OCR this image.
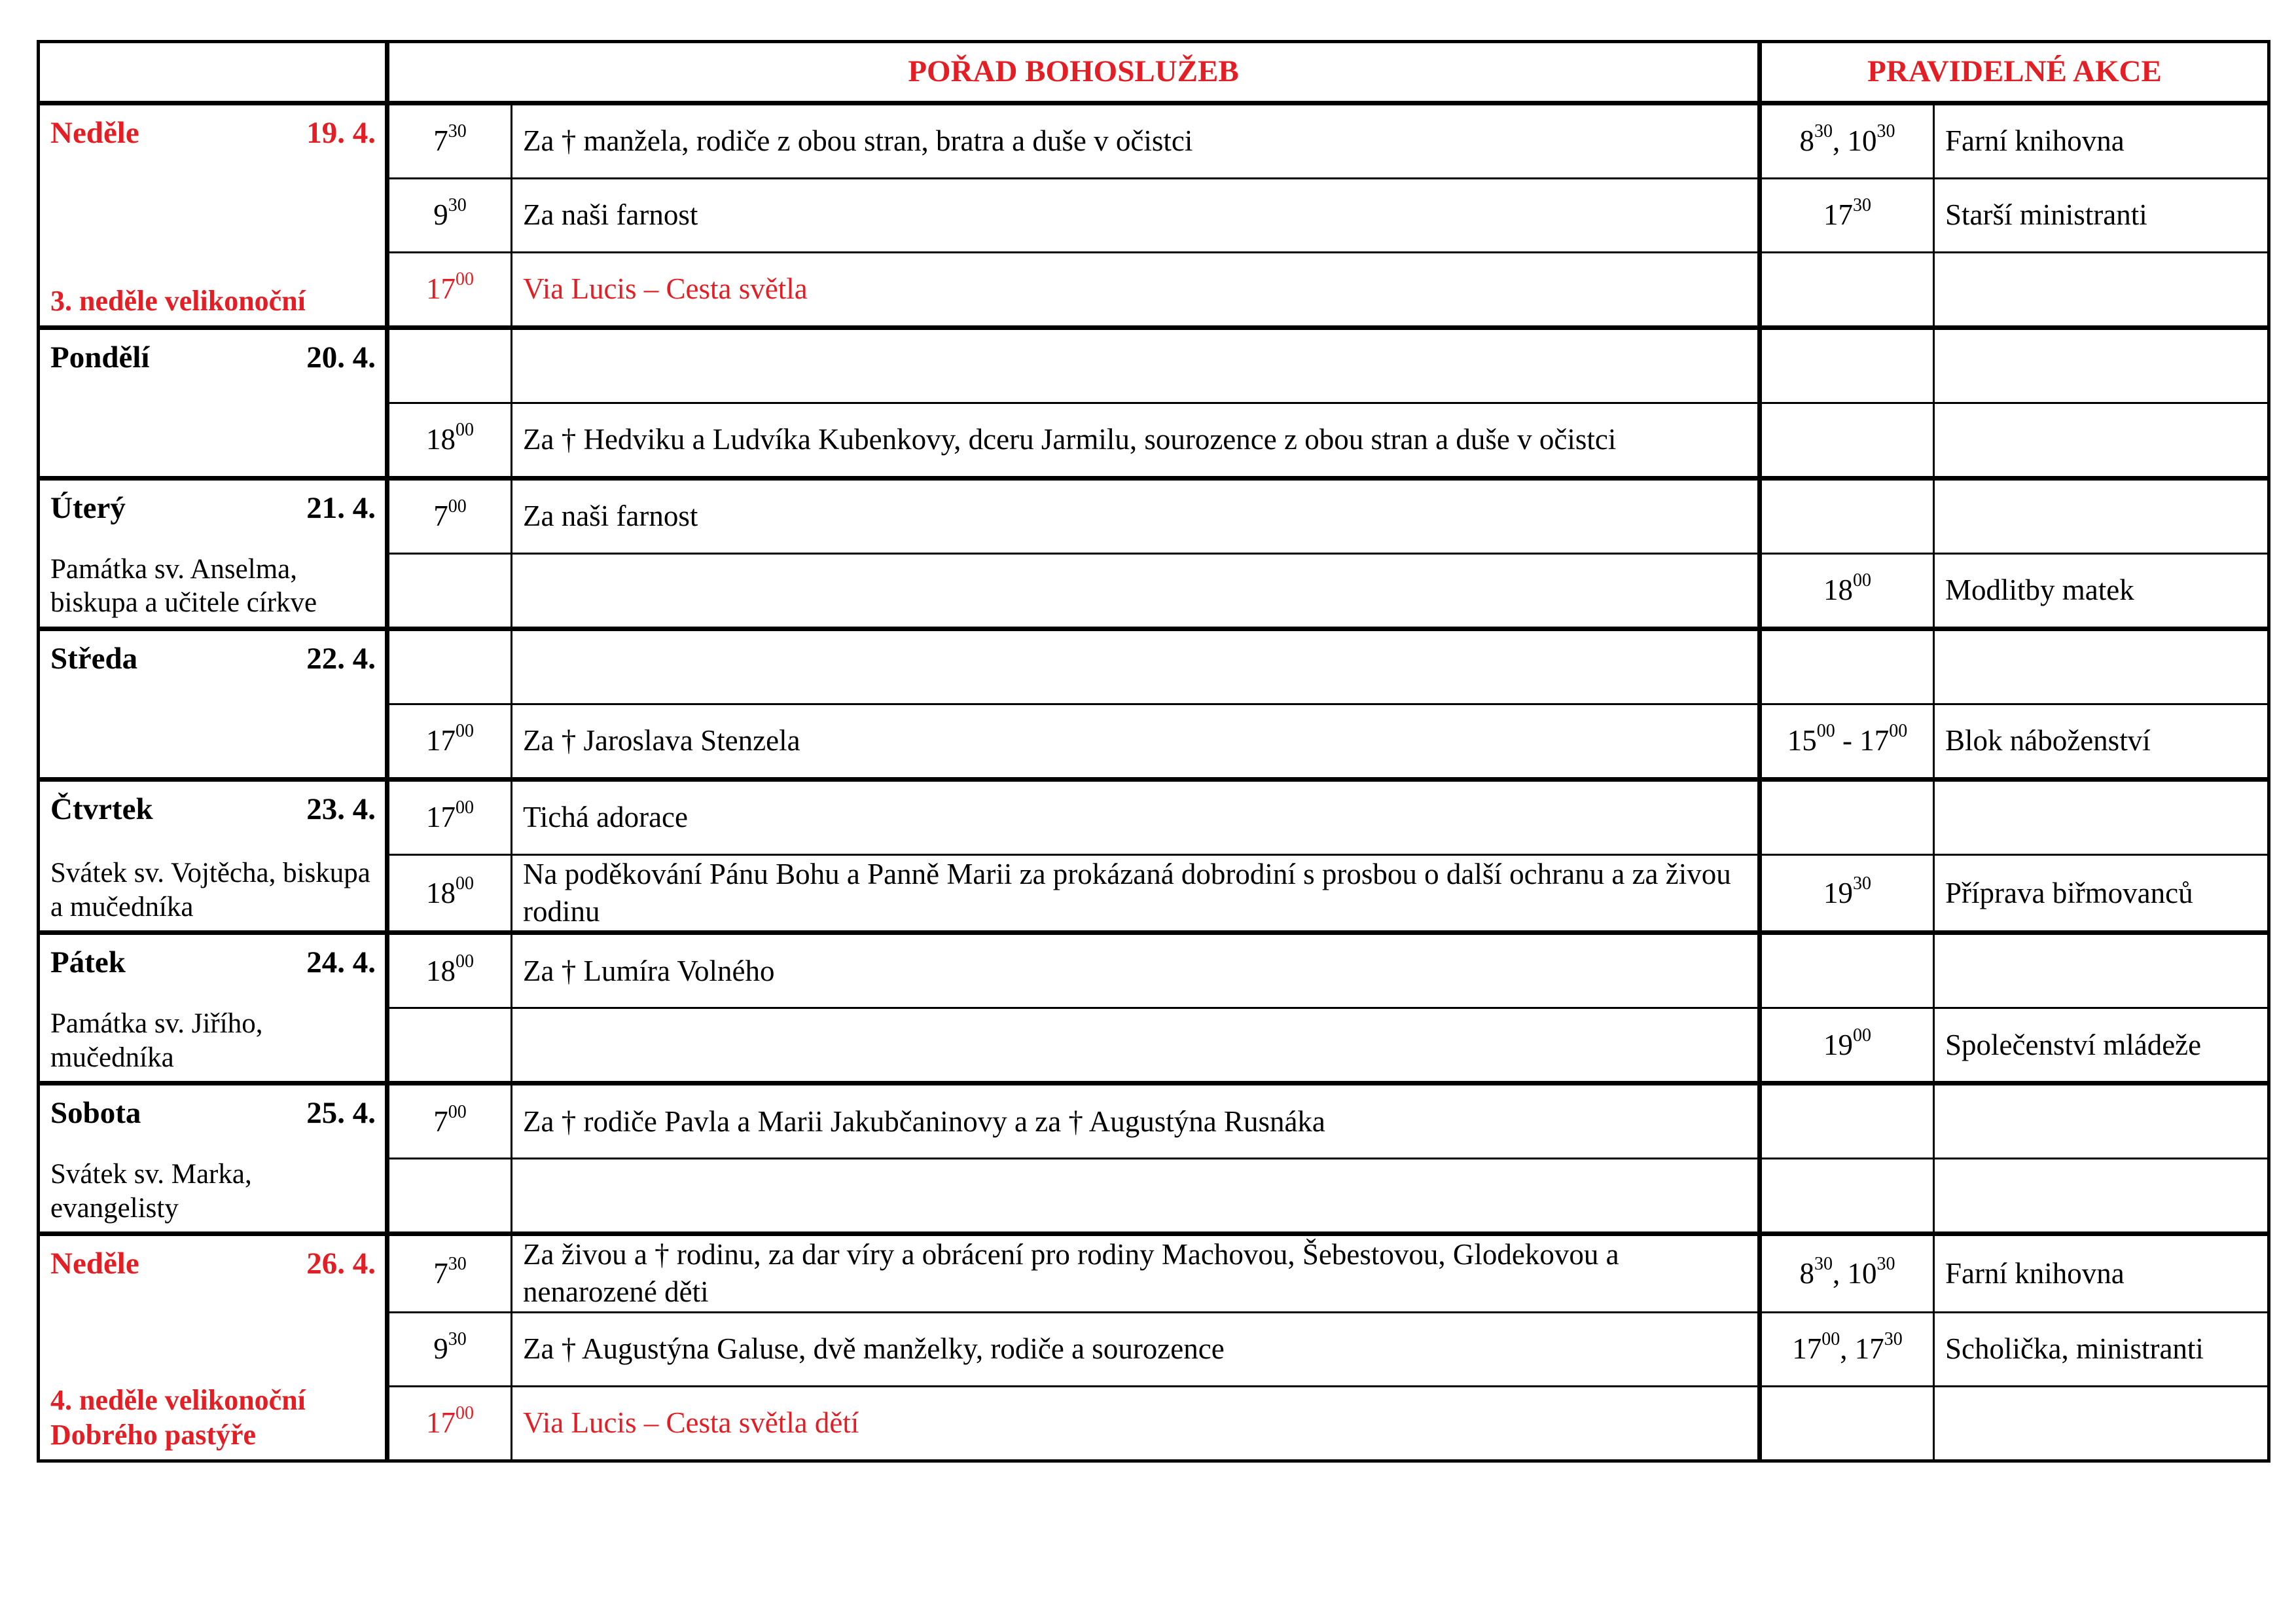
	POŘAD BOHOSLUŽEB		PRAVIDELNÉ AKCE	

Neděle 19. 4.
3. neděle velikonoční	$7^{30}$	Za † manžela, rodiče z obou stran, bratra a duše v očistci	$8^{30}$, $10^{30}$	Farní knihovna
	$9^{30}$	Za naši farnost	$17^{30}$	Starší ministranti
	$17^{00}$	Via Lucis – Cesta světla		

Pondělí 20. 4.				

	$18^{00}$	Za † Hedviku a Ludvíka Kubenkovy, dceru Jarmilu, sourozence z obou stran a duše v očistci		

Úterý 21. 4.
Památka sv. Anselma, biskupa a učitele církve	$7^{00}$	Za naši farnost		
			$18^{00}$	Modlitby matek

Středa 22. 4.				

	$17^{00}$	Za † Jaroslava Stenzela	$15^{00} - 17^{00}$	Blok náboženství

Čtvrtek 23. 4.
Svátek sv. Vojtěcha, biskupa a mučedníka	$17^{00}$	Tichá adorace		
	$18^{00}$	Na poděkování Pánu Bohu a Panně Marii za prokázaná dobrodiní s prosbou o další ochranu a za živou rodinu	$19^{30}$	Příprava biřmovanců

Pátek 24. 4.
Památka sv. Jiřího, mučedníka	$18^{00}$	Za † Lumíra Volného		
			$19^{00}$	Společenství mládeže

Sobota 25. 4.
Svátek sv. Marka, evangelisty	$7^{00}$	Za † rodiče Pavla a Marii Jakubčaninovy a za † Augustýna Rusnáka		

Neděle 26. 4.
4. neděle velikonoční Dobrého pastýře	$7^{30}$	Za živou a † rodinu, za dar víry a obrácení pro rodiny Machovou, Šebestovou, Glodekovou a nenarozené děti	$8^{30}$, $10^{30}$	Farní knihovna
	$9^{30}$	Za † Augustýna Galuse, dvě manželky, rodiče a sourozence	$17^{00}$, $17^{30}$	Scholička, ministranti
	$17^{00}$	Via Lucis – Cesta světla dětí		
